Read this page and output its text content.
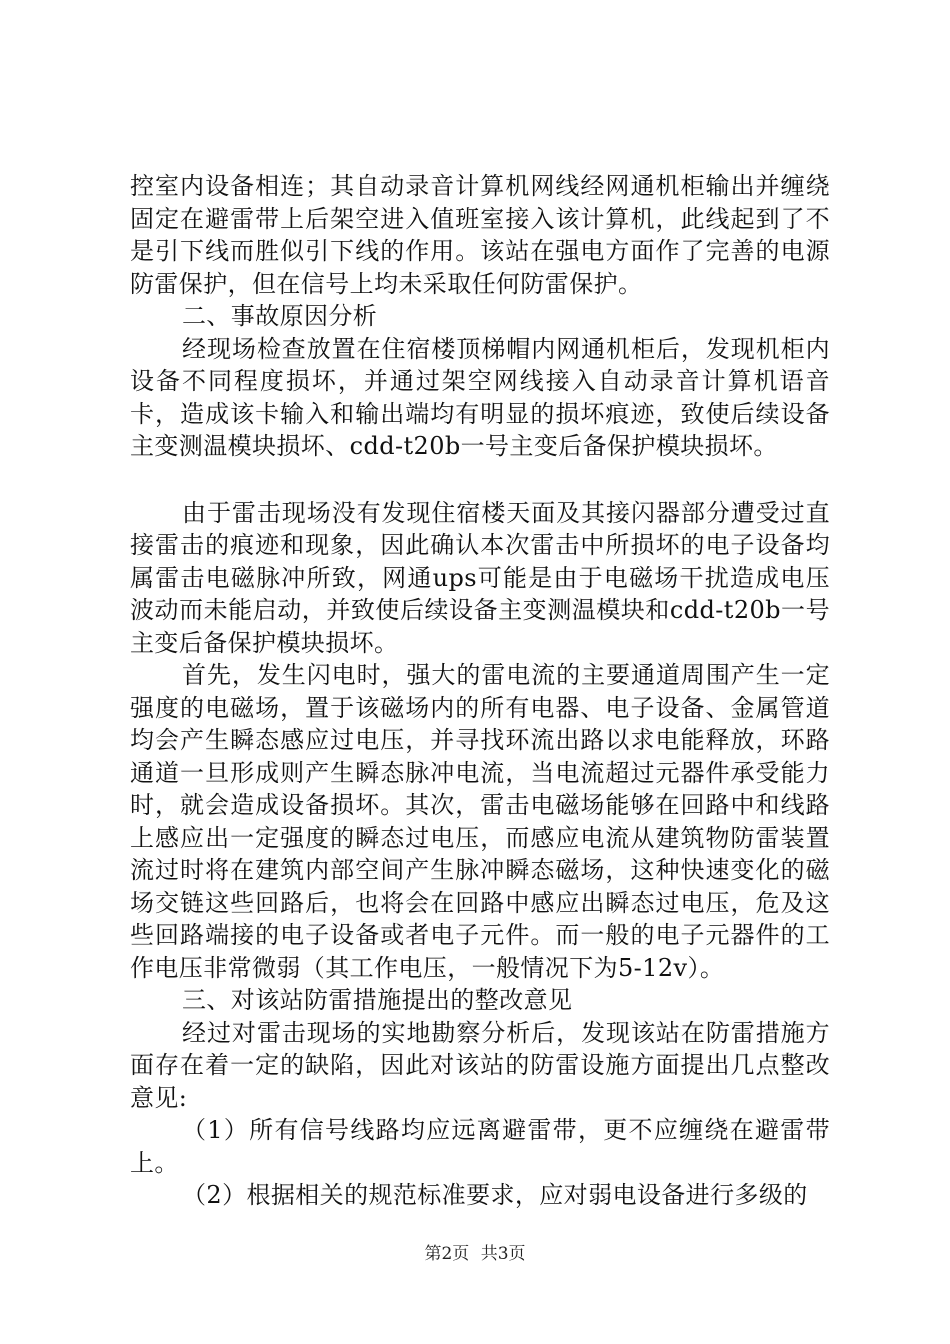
控室内设备相连；其自动录音计算机网线经网通机柜输出并缠绕固定在避雷带上后架空进入值班室接入该计算机，此线起到了不是引下线而胜似引下线的作用。该站在强电方面作了完善的电源防雷保护，但在信号上均未采取任何防雷保护。

二、事故原因分析

经现场检查放置在住宿楼顶梯帽内网通机柜后，发现机柜内设备不同程度损坏，并通过架空网线接入自动录音计算机语音卡，造成该卡输入和输出端均有明显的损坏痕迹，致使后续设备主变测温模块损坏、cdd-t20b一号主变后备保护模块损坏。

由于雷击现场没有发现住宿楼天面及其接闪器部分遭受过直接雷击的痕迹和现象，因此确认本次雷击中所损坏的电子设备均属雷击电磁脉冲所致，网通ups可能是由于电磁场干扰造成电压波动而未能启动，并致使后续设备主变测温模块和cdd-t20b一号主变后备保护模块损坏。

首先，发生闪电时，强大的雷电流的主要通道周围产生一定强度的电磁场，置于该磁场内的所有电器、电子设备、金属管道均会产生瞬态感应过电压，并寻找环流出路以求电能释放，环路通道一旦形成则产生瞬态脉冲电流，当电流超过元器件承受能力时，就会造成设备损坏。其次，雷击电磁场能够在回路中和线路上感应出一定强度的瞬态过电压，而感应电流从建筑物防雷装置流过时将在建筑内部空间产生脉冲瞬态磁场，这种快速变化的磁场交链这些回路后，也将会在回路中感应出瞬态过电压，危及这些回路端接的电子设备或者电子元件。而一般的电子元器件的工作电压非常微弱（其工作电压，一般情况下为5-12v）。

三、对该站防雷措施提出的整改意见

经过对雷击现场的实地勘察分析后，发现该站在防雷措施方面存在着一定的缺陷，因此对该站的防雷设施方面提出几点整改意见:

（1）所有信号线路均应远离避雷带，更不应缠绕在避雷带上。

（2）根据相关的规范标准要求，应对弱电设备进行多级的

第2页 共3页
